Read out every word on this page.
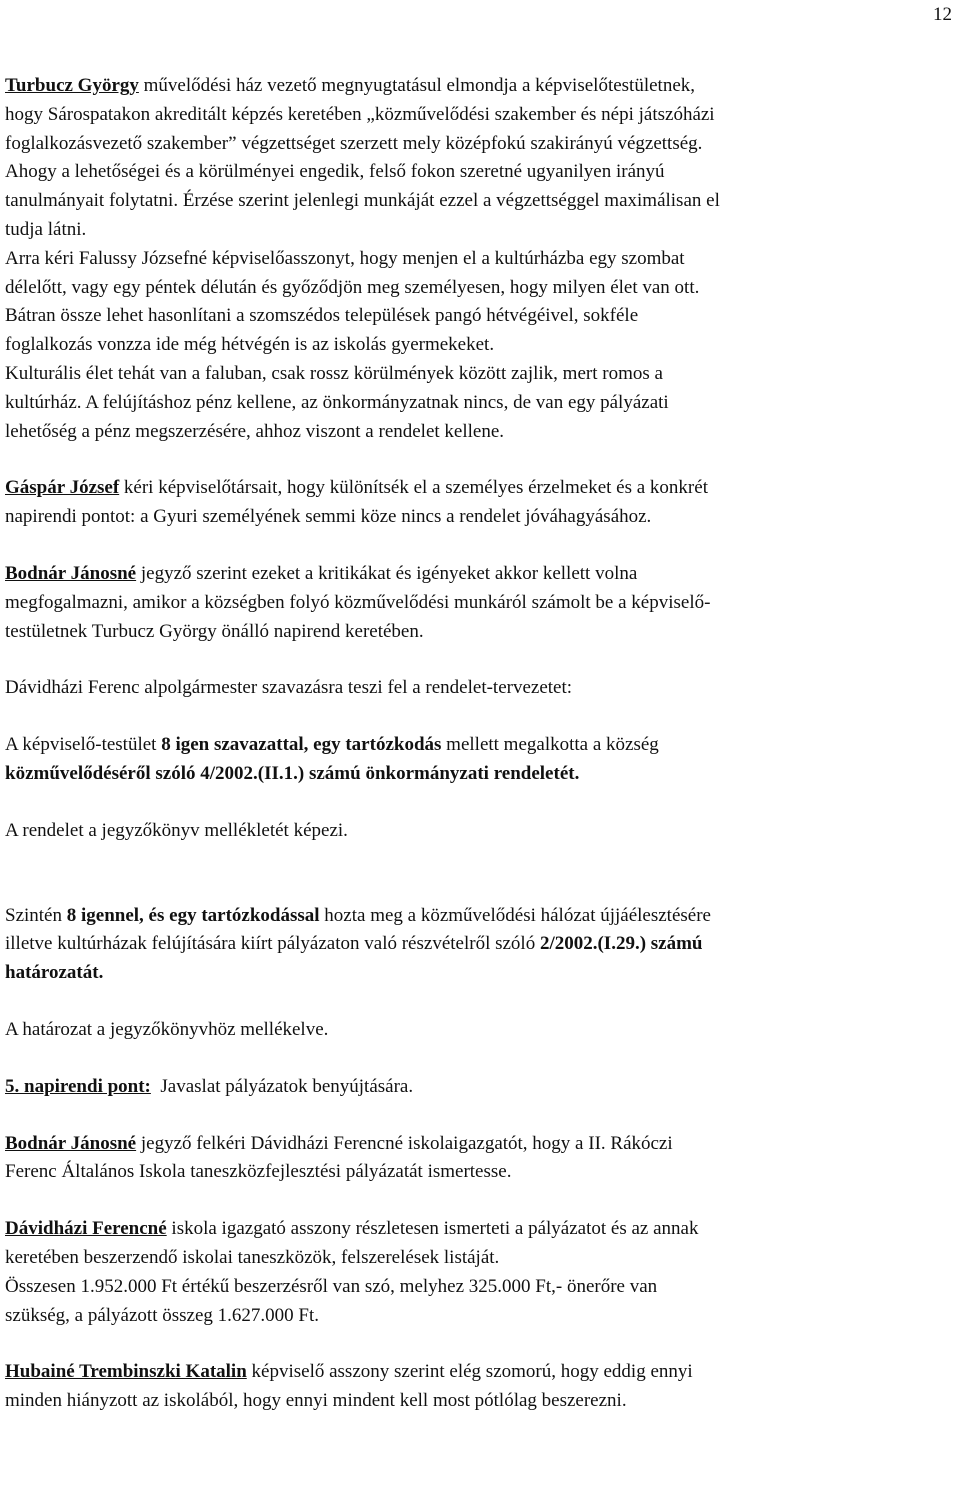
12

Turbucz György művelődési ház vezető megnyugtatásul elmondja a képviselőtestületnek,
hogy Sárospatakon akreditált képzés keretében „közművelődési szakember és népi játszóházi
foglalkozásvezető szakember” végzettséget szerzett mely középfokú szakirányú végzettség.
Ahogy a lehetőségei és a körülményei engedik, felső fokon szeretné ugyanilyen irányú
tanulmányait folytatni. Érzése szerint jelenlegi munkáját ezzel a végzettséggel maximálisan el
tudja látni.

Arra kéri Falussy Józsefné képviselőasszonyt, hogy menjen el a kultúrházba egy szombat
délelőtt, vagy egy péntek délután és győződjön meg személyesen, hogy milyen élet van ott.

Bátran össze lehet hasonlítani a szomszédos települések pangó hétvégéivel, sokféle
foglalkozás vonzza ide még hétvégén is az iskolás gyermekeket.

Kulturális élet tehát van a faluban, csak rossz körülmények között zajlik, mert romos a
kultúrház. A felújításhoz pénz kellene, az önkormányzatnak nincs, de van egy pályázati
lehetőség a pénz megszerzésére, ahhoz viszont a rendelet kellene.

Gáspár József kéri képviselőtársait, hogy különítsék el a személyes érzelmeket és a konkrét
napirendi pontot: a Gyuri személyének semmi köze nincs a rendelet jóváhagyásához.

Bodnár Jánosné jegyző szerint ezeket a kritikákat és igényeket akkor kellett volna
megfogalmazni, amikor a községben folyó közművelődési munkáról számolt be a képviselő-
testületnek Turbucz György önálló napirend keretében.

Dávidházi Ferenc alpolgármester szavazásra teszi fel a rendelet-tervezetet:

A képviselő-testület 8 igen szavazattal, egy tartózkodás mellett megalkotta a község
közművelődéséről szóló 4/2002.(II.1.) számú önkormányzati rendeletét.

A rendelet a jegyzőkönyv mellékletét képezi.

Szintén 8 igennel, és egy tartózkodással hozta meg a közművelődési hálózat újjáélesztésére
illetve kultúrházak felújítására kiírt pályázaton való részvételről szóló 2/2002.(I.29.) számú
határozatát.

A határozat a jegyzőkönyvhöz mellékelve.

5. napirendi pont:  Javaslat pályázatok benyújtására.

Bodnár Jánosné jegyző felkéri Dávidházi Ferencné iskolaigazgatót, hogy a II. Rákóczi
Ferenc Általános Iskola taneszközfejlesztési pályázatát ismertesse.

Dávidházi Ferencné iskola igazgató asszony részletesen ismerteti a pályázatot és az annak
keretében beszerzendő iskolai taneszközök, felszerelések listáját.

Összesen 1.952.000 Ft értékű beszerzésről van szó, melyhez 325.000 Ft,- önerőre van
szükség, a pályázott összeg 1.627.000 Ft.

Hubainé Trembinszki Katalin képviselő asszony szerint elég szomorú, hogy eddig ennyi
minden hiányzott az iskolából, hogy ennyi mindent kell most pótlólag beszerezni.
